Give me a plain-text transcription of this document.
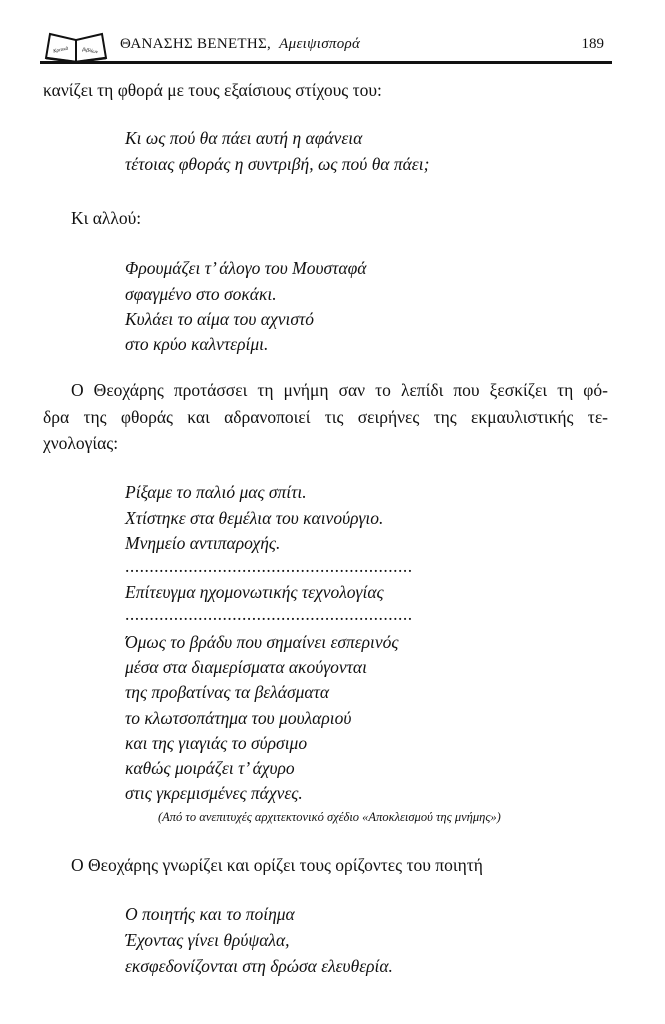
Κριτικά	βιβλίων ΘΑΝΑΣΗΣ ΒΕΝΕΤΗΣ, Αμειψισπορά	189
κανίζει τη φθορά με τους εξαίσιους στίχους του:
Κι ως πού θα πάει αυτή η αφάνεια
τέτοιας φθοράς η συντριβή, ως πού θα πάει;
Κι αλλού:
Φρουμάζει τ’ άλογο του Μουσταφά
σφαγμένο στο σοκάκι.
Κυλάει το αίμα του αχνιστό
στο κρύο καλντερίμι.
Ο Θεοχάρης προτάσσει τη μνήμη σαν το λεπίδι που ξεσκίζει τη φό-
δρα της φθοράς και αδρανοποιεί τις σειρήνες της εκμαυλιστικής τε-
χνολογίας:
Ρίξαμε το παλιό μας σπίτι.
Χτίστηκε στα θεμέλια του καινούργιο.
Μνημείο αντιπαροχής.
...........................................................
Επίτευγμα ηχομονωτικής τεχνολογίας
...........................................................
Όμως το βράδυ που σημαίνει εσπερινός
μέσα στα διαμερίσματα ακούγονται
της προβατίνας τα βελάσματα
το κλωτσοπάτημα του μουλαριού
και της γιαγιάς το σύρσιμο
καθώς μοιράζει τ’ άχυρο
στις γκρεμισμένες πάχνες.
(Από το ανεπιτυχές αρχιτεκτονικό σχέδιο «Αποκλεισμού της μνήμης»)
Ο Θεοχάρης γνωρίζει και ορίζει τους ορίζοντες του ποιητή
Ο ποιητής και το ποίημα
Έχοντας γίνει θρύψαλα,
εκσφεδονίζονται στη δρώσα ελευθερία.
